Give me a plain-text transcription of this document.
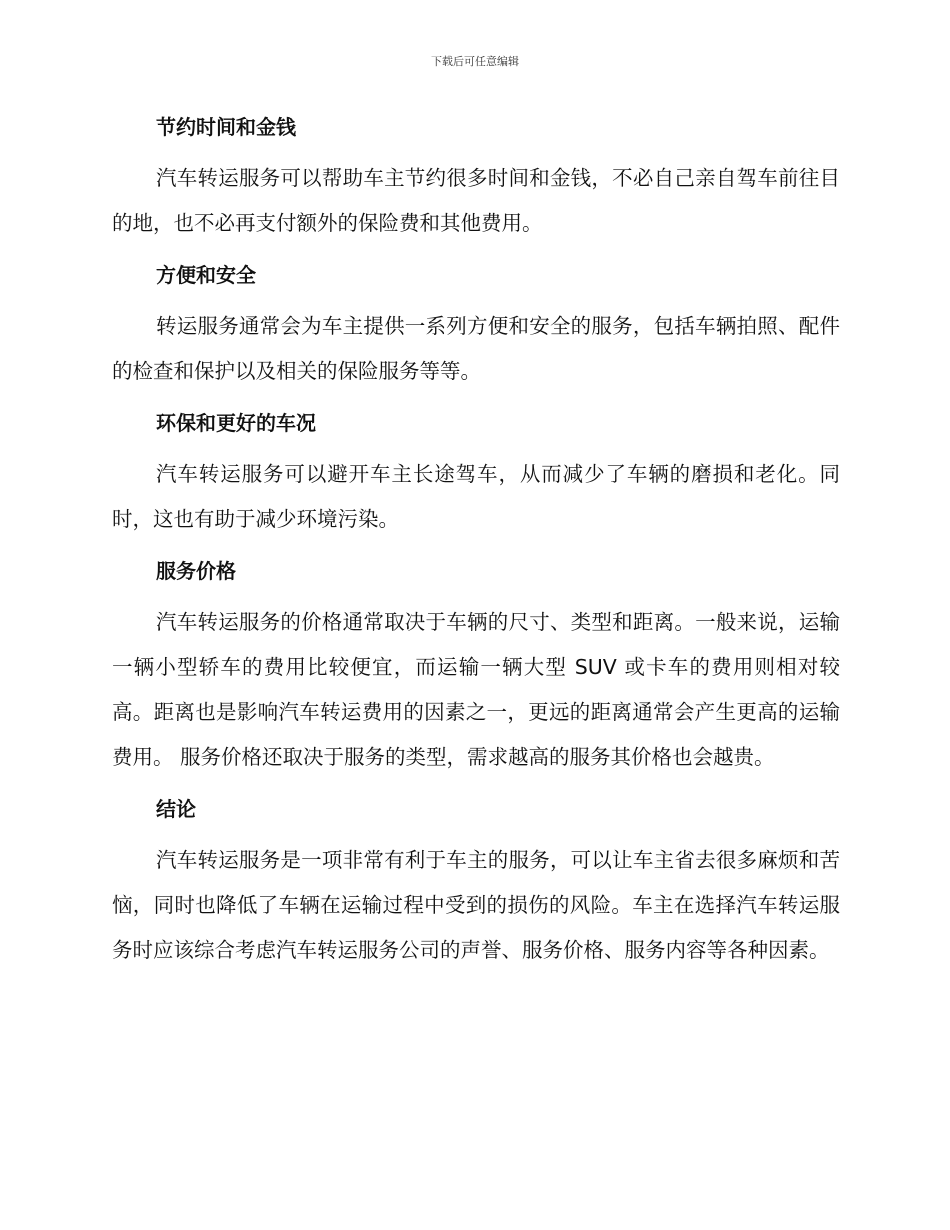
下载后可任意编辑
节约时间和金钱

汽车转运服务可以帮助车主节约很多时间和金钱，不必自己亲自驾车前往目的地，也不必再支付额外的保险费和其他费用。

方便和安全

转运服务通常会为车主提供一系列方便和安全的服务，包括车辆拍照、配件的检查和保护以及相关的保险服务等等。

环保和更好的车况

汽车转运服务可以避开车主长途驾车，从而减少了车辆的磨损和老化。同时，这也有助于减少环境污染。

服务价格

汽车转运服务的价格通常取决于车辆的尺寸、类型和距离。一般来说，运输一辆小型轿车的费用比较便宜，而运输一辆大型 SUV 或卡车的费用则相对较高。距离也是影响汽车转运费用的因素之一，更远的距离通常会产生更高的运输费用。 服务价格还取决于服务的类型，需求越高的服务其价格也会越贵。

结论

汽车转运服务是一项非常有利于车主的服务，可以让车主省去很多麻烦和苦恼，同时也降低了车辆在运输过程中受到的损伤的风险。车主在选择汽车转运服务时应该综合考虑汽车转运服务公司的声誉、服务价格、服务内容等各种因素。
